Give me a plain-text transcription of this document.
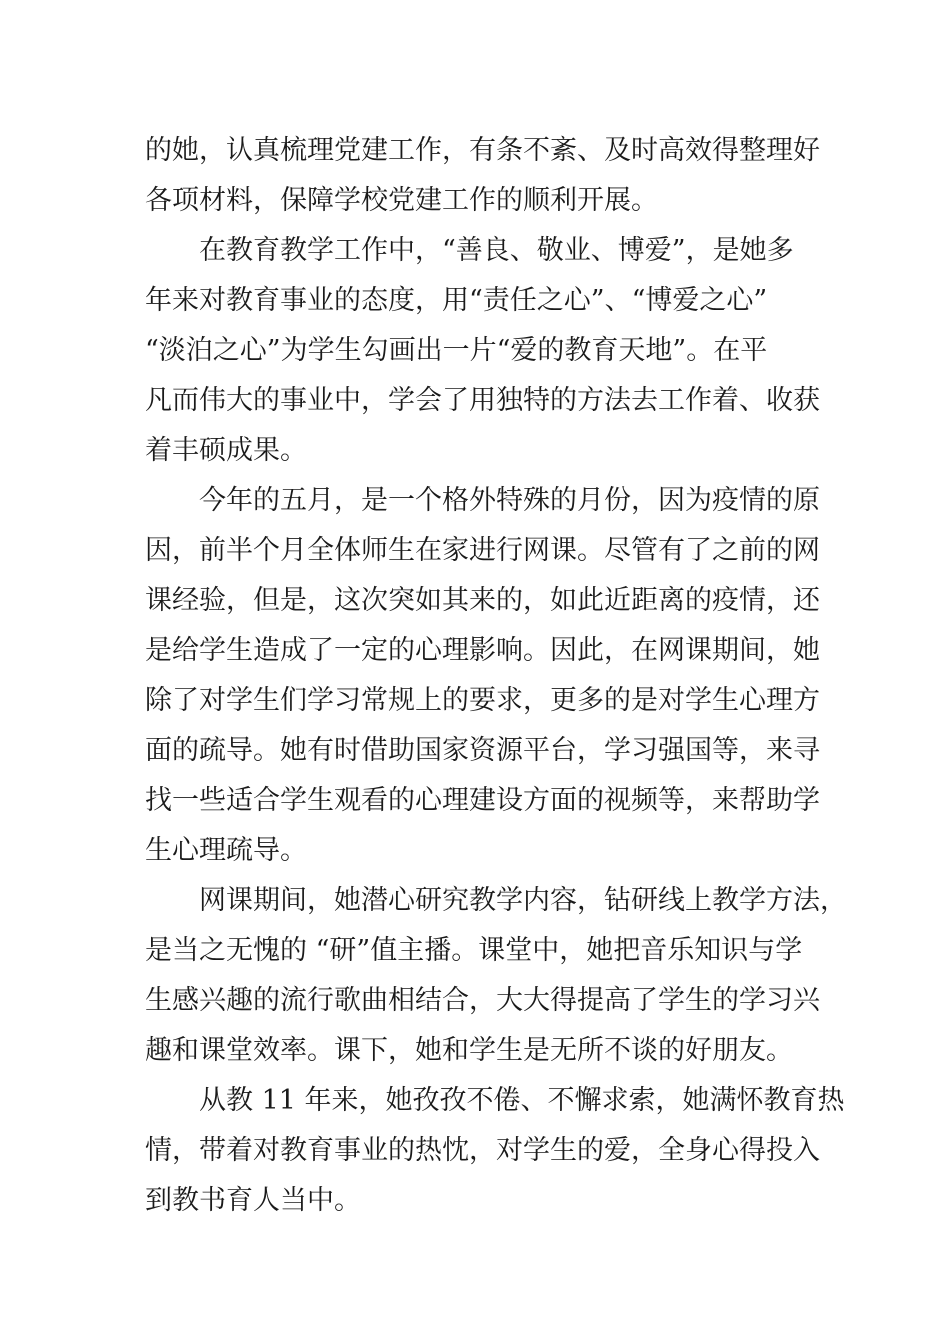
的她，认真梳理党建工作，有条不紊、及时高效得整理好
各项材料，保障学校党建工作的顺利开展。
在教育教学工作中，“善良、敬业、博爱”，是她多
年来对教育事业的态度，用“责任之心”、“博爱之心”
“淡泊之心”为学生勾画出一片“爱的教育天地”。在平
凡而伟大的事业中，学会了用独特的方法去工作着、收获
着丰硕成果。
今年的五月，是一个格外特殊的月份，因为疫情的原
因，前半个月全体师生在家进行网课。尽管有了之前的网
课经验，但是，这次突如其来的，如此近距离的疫情，还
是给学生造成了一定的心理影响。因此，在网课期间，她
除了对学生们学习常规上的要求，更多的是对学生心理方
面的疏导。她有时借助国家资源平台，学习强国等，来寻
找一些适合学生观看的心理建设方面的视频等，来帮助学
生心理疏导。
网课期间，她潜心研究教学内容，钻研线上教学方法，
是当之无愧的 “研”值主播。课堂中，她把音乐知识与学
生感兴趣的流行歌曲相结合，大大得提高了学生的学习兴
趣和课堂效率。课下，她和学生是无所不谈的好朋友。
从教 11 年来，她孜孜不倦、不懈求索，她满怀教育热
情，带着对教育事业的热忱，对学生的爱，全身心得投入
到教书育人当中。
